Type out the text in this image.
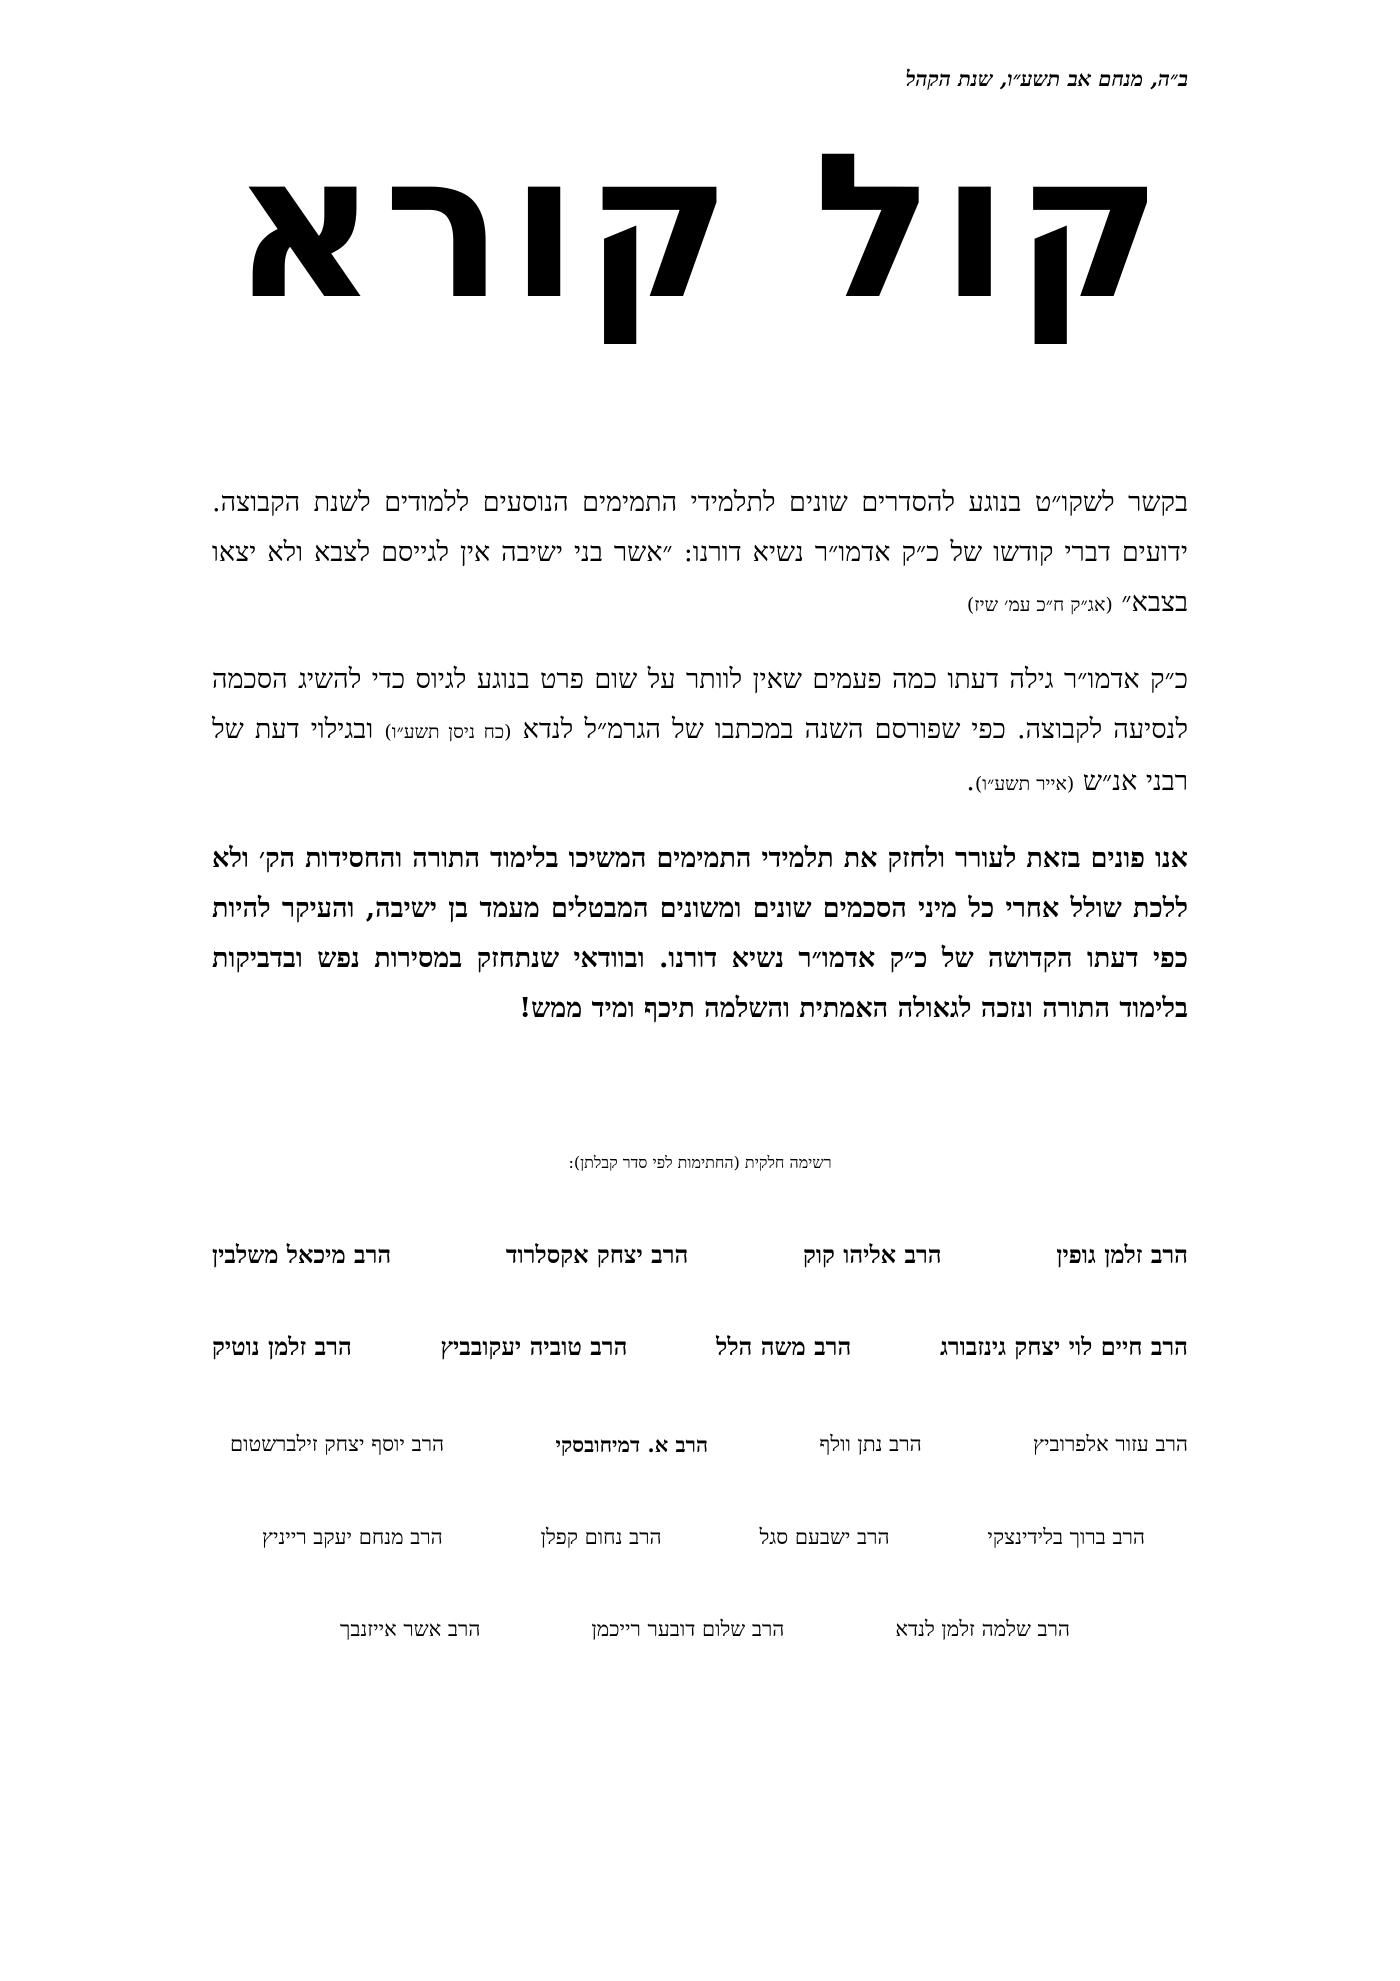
ב״ה, מנחם אב תשע״ו, שנת הקהל
קול קורא
בקשר לשקו״ט בנוגע להסדרים שונים לתלמידי התמימים הנוסעים ללמודים לשנת הקבוצה. ידועים דברי קודשו של כ״ק אדמו״ר נשיא דורנו: ״אשר בני ישיבה אין לגייסם לצבא ולא יצאו בצבא״ (אג״ק ח״כ עמ׳ שיז)
כ״ק אדמו״ר גילה דעתו כמה פעמים שאין לוותר על שום פרט בנוגע לגיוס כדי להשיג הסכמה לנסיעה לקבוצה. כפי שפורסם השנה במכתבו של הגרמ״ל לנדא (כח ניסן תשע״ו) ובגילוי דעת של רבני אנ״ש (אייר תשע״ו).
אנו פונים בזאת לעורר ולחזק את תלמידי התמימים המשיכו בלימוד התורה והחסידות הק׳ ולא ללכת שולל אחרי כל מיני הסכמים שונים ומשונים המבטלים מעמד בן ישיבה, והעיקר להיות כפי דעתו הקדושה של כ״ק אדמו״ר נשיא דורנו. ובוודאי שנתחזק במסירות נפש ובדביקות בלימוד התורה ונזכה לגאולה האמתית והשלמה תיכף ומיד ממש!
רשימה חלקית (החתימות לפי סדר קבלתן):
הרב זלמן גופין
הרב אליהו קוק
הרב יצחק אקסלרוד
הרב מיכאל משלבין
הרב חיים לוי יצחק גינזבורג
הרב משה הלל
הרב טוביה יעקובביץ
הרב זלמן נוטיק
הרב עזור אלפרוביץ
הרב נתן וולף
הרב א. דמיחובסקי
הרב יוסף יצחק זילברשטום
הרב ברוך בלידינצקי
הרב ישבעם סגל
הרב נחום קפלן
הרב מנחם יעקב רייניץ
הרב שלמה זלמן לנדא
הרב שלום דובער רייכמן
הרב אשר אייזנבך
